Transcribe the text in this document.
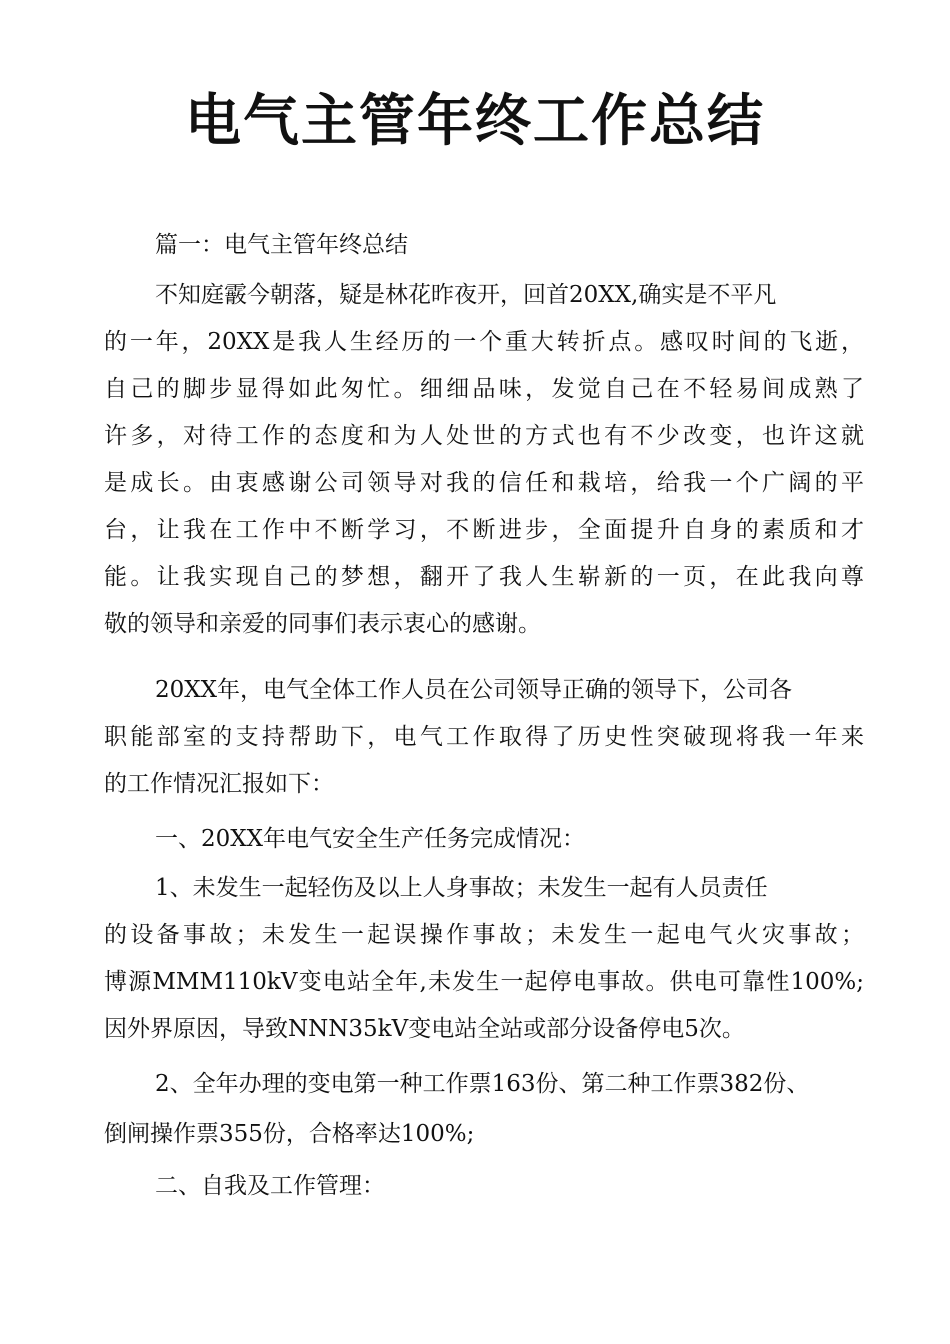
电气主管年终工作总结

篇一：电气主管年终总结

不知庭霰今朝落，疑是林花昨夜开，回首20XX,确实是不平凡

的一年，20XX是我人生经历的一个重大转折点。感叹时间的飞逝，

自己的脚步显得如此匆忙。细细品味，发觉自己在不轻易间成熟了

许多，对待工作的态度和为人处世的方式也有不少改变，也许这就

是成长。由衷感谢公司领导对我的信任和栽培，给我一个广阔的平

台，让我在工作中不断学习，不断进步，全面提升自身的素质和才

能。让我实现自己的梦想，翻开了我人生崭新的一页，在此我向尊

敬的领导和亲爱的同事们表示衷心的感谢。

20XX年，电气全体工作人员在公司领导正确的领导下，公司各

职能部室的支持帮助下，电气工作取得了历史性突破现将我一年来

的工作情况汇报如下：

一、20XX年电气安全生产任务完成情况：

1、未发生一起轻伤及以上人身事故；未发生一起有人员责任

的设备事故；未发生一起误操作事故；未发生一起电气火灾事故；

博源MMM110kV变电站全年,未发生一起停电事故。供电可靠性100%;

因外界原因，导致NNN35kV变电站全站或部分设备停电5次。

2、全年办理的变电第一种工作票163份、第二种工作票382份、

倒闸操作票355份，合格率达100%;

二、自我及工作管理：
